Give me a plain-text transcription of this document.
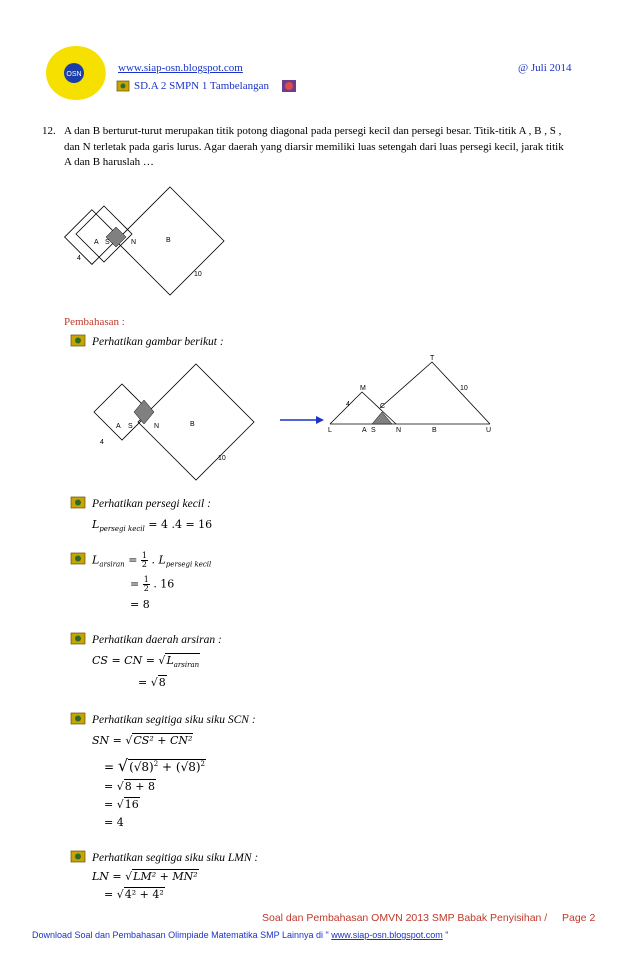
OSN
www.siap-osn.blogspot.com	@ Juli 2014
SD.A 2 SMPN 1 Tambelangan
12. A dan B berturut-turut merupakan titik potong diagonal pada persegi kecil dan persegi besar. Titik-titik A , B , S ,
dan N terletak pada garis lurus. Agar daerah yang diarsir memiliki luas setengah dari luas persegi kecil, jarak titik
A dan B haruslah …
A S	N	B
4
10
Pembahasan :
Perhatikan gambar berikut :
A S	N	B
4
10
L
M
4	C
T
10
A S	N	B	U
Perhatikan persegi kecil :
$L_{persegi kecil} = 4$ .4 = 16
$L_{arsiran} = \frac{1}{2}$ . $L_{persegi kecil}$
= $\frac{1}{2}$ . 16
= 8
Perhatikan daerah arsiran :
CS = CN = $√L_{arsiran}$
= √8
Perhatikan segitiga siku siku SCN :
SN = √CS² + CN²
= $√(√8)^2 + (√8)^2$
= √8 + 8
= √16
= 4
Perhatikan segitiga siku siku LMN :
LN = √LM² + MN²
= √4² + 4²
Soal dan Pembahasan OMVN 2013 SMP Babak Penyisihan / Page 2
Download Soal dan Pembahasan Olimpiade Matematika SMP Lainnya di " www.siap-osn.blogspot.com "
